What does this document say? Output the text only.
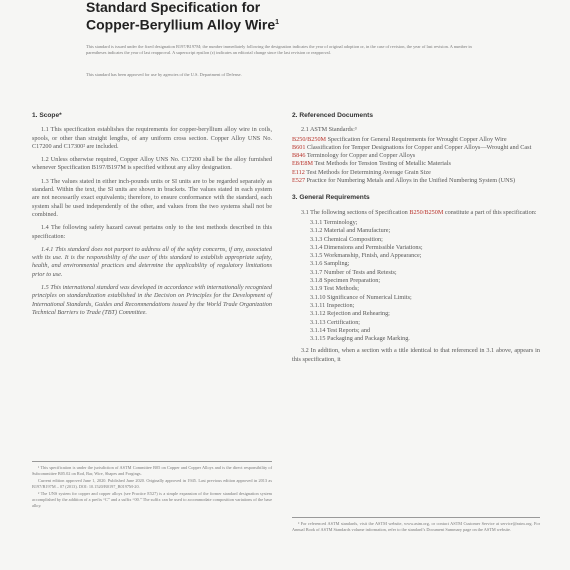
Standard Specification for
Copper-Beryllium Alloy Wire$^1$
This standard is issued under the fixed designation B197/B197M; the number immediately following the designation indicates the year of original adoption or, in the case of revision, the year of last revision. A number in parentheses indicates the year of last reapproval. A superscript epsilon (ε) indicates an editorial change since the last revision or reapproval.
This standard has been approved for use by agencies of the U.S. Department of Defense.
1. Scope*

1.1 This specification establishes the requirements for copper-beryllium alloy wire in coils, spools, or other than straight lengths, of any uniform cross section. Copper Alloy UNS No. C17200 and C17300² are included.

1.2 Unless otherwise required, Copper Alloy UNS No. C17200 shall be the alloy furnished whenever Specification B197/B197M is specified without any alloy designation.

1.3 The values stated in either inch-pounds units or SI units are to be regarded separately as standard. Within the text, the SI units are shown in brackets. The values stated in each system are not necessarily exact equivalents; therefore, to ensure conformance with the standard, each system shall be used independently of the other, and values from the two systems shall not be combined.

1.4 The following safety hazard caveat pertains only to the test methods described in this specification:

1.4.1 This standard does not purport to address all of the safety concerns, if any, associated with its use. It is the responsibility of the user of this standard to establish appropriate safety, health, and environmental practices and determine the applicability of regulatory limitations prior to use.

1.5 This international standard was developed in accordance with internationally recognized principles on standardization established in the Decision on Principles for the Development of International Standards, Guides and Recommendations issued by the World Trade Organization Technical Barriers to Trade (TBT) Committee.

¹ This specification is under the jurisdiction of ASTM Committee B05 on Copper and Copper Alloys and is the direct responsibility of Subcommittee B05.02 on Rod, Bar, Wire, Shapes and Forgings.

Current edition approved June 1, 2020. Published June 2020. Originally approved in 1945. Last previous edition approved in 2013 as B197/B197M – 07 (2013). DOI: 10.1520/B0197_B0197M-20.

² The UNS system for copper and copper alloys (see Practice E527) is a simple expansion of the former standard designation system accomplished by the addition of a prefix “C” and a suffix “00.” The suffix can be used to accommodate composition variations of the base alloy.

2. Referenced Documents

2.1 ASTM Standards:³

B250/B250M Specification for General Requirements for Wrought Copper Alloy Wire
B601 Classification for Temper Designations for Copper and Copper Alloys—Wrought and Cast
B846 Terminology for Copper and Copper Alloys
E8/E8M Test Methods for Tension Testing of Metallic Materials
E112 Test Methods for Determining Average Grain Size
E527 Practice for Numbering Metals and Alloys in the Unified Numbering System (UNS)
3. General Requirements

3.1 The following sections of Specification B250/B250M constitute a part of this specification:

3.1.1 Terminology;
3.1.2 Material and Manufacture;
3.1.3 Chemical Composition;
3.1.4 Dimensions and Permissible Variations;
3.1.5 Workmanship, Finish, and Appearance;
3.1.6 Sampling;
3.1.7 Number of Tests and Retests;
3.1.8 Specimen Preparation;
3.1.9 Test Methods;
3.1.10 Significance of Numerical Limits;
3.1.11 Inspection;
3.1.12 Rejection and Rehearing;
3.1.13 Certification;
3.1.14 Test Reports; and
3.1.15 Packaging and Package Marking.

3.2 In addition, when a section with a title identical to that referenced in 3.1 above, appears in this specification, it

³ For referenced ASTM standards, visit the ASTM website, www.astm.org, or contact ASTM Customer Service at service@astm.org. For Annual Book of ASTM Standards volume information, refer to the standard’s Document Summary page on the ASTM website.
